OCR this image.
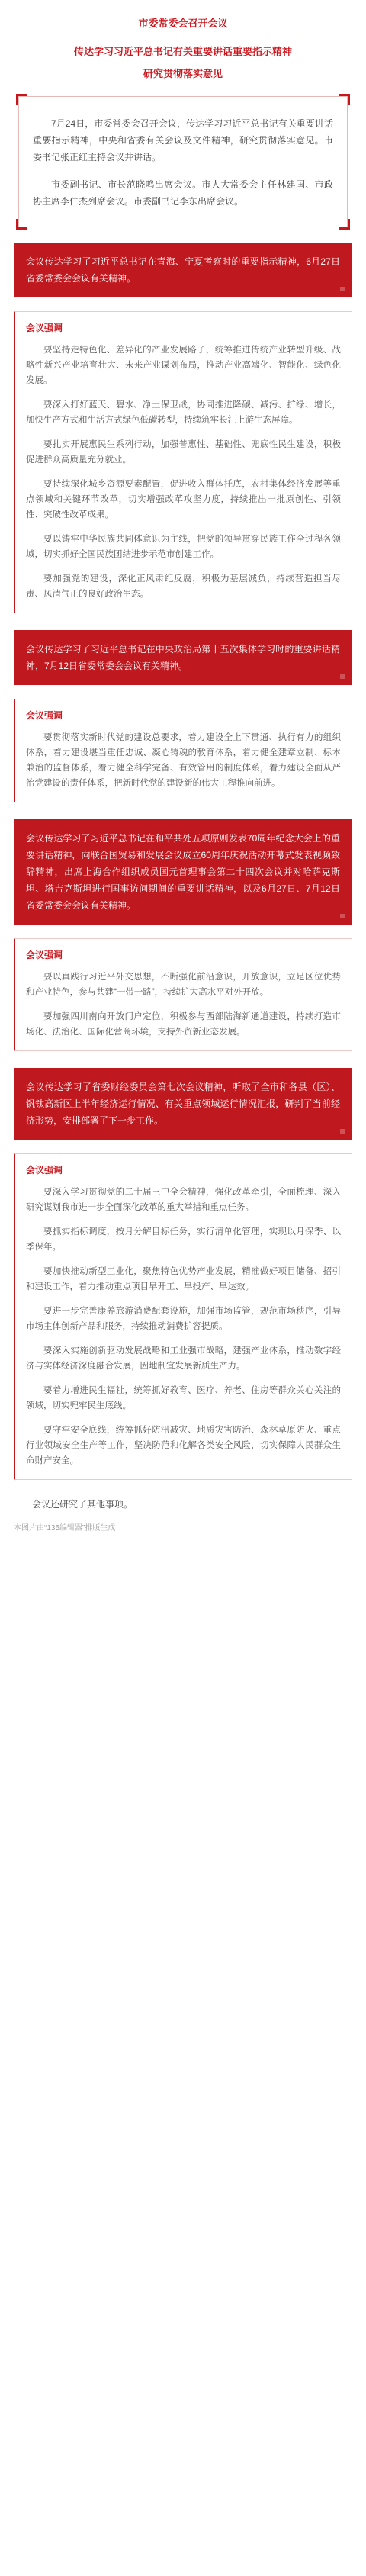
市委常委会召开会议
传达学习习近平总书记有关重要讲话重要指示精神
研究贯彻落实意见

7月24日，市委常委会召开会议，传达学习习近平总书记有关重要讲话重要指示精神，中央和省委有关会议及文件精神，研究贯彻落实意见。市委书记张正红主持会议并讲话。

市委副书记、市长范晓鸣出席会议。市人大常委会主任林建国、市政协主席李仁杰列席会议。市委副书记李东出席会议。

会议传达学习了习近平总书记在青海、宁夏考察时的重要指示精神，6月27日省委常委会会议有关精神。
会议强调

要坚持走特色化、差异化的产业发展路子，统筹推进传统产业转型升级、战略性新兴产业培育壮大、未来产业谋划布局，推动产业高端化、智能化、绿色化发展。

要深入打好蓝天、碧水、净土保卫战，协同推进降碳、减污、扩绿、增长，加快生产方式和生活方式绿色低碳转型，持续筑牢长江上游生态屏障。

要扎实开展惠民生系列行动，加强普惠性、基础性、兜底性民生建设，积极促进群众高质量充分就业。

要持续深化城乡资源要素配置，促进收入群体托底，农村集体经济发展等重点领域和关键环节改革，切实增强改革攻坚力度，持续推出一批原创性、引领性、突破性改革成果。

要以铸牢中华民族共同体意识为主线，把党的领导贯穿民族工作全过程各领域，切实抓好全国民族团结进步示范市创建工作。

要加强党的建设，深化正风肃纪反腐，积极为基层减负，持续营造担当尽责、风清气正的良好政治生态。

会议传达学习了习近平总书记在中央政治局第十五次集体学习时的重要讲话精神，7月12日省委常委会会议有关精神。
会议强调

要贯彻落实新时代党的建设总要求，着力建设全上下贯通、执行有力的组织体系，着力建设堪当重任忠诚、凝心铸魂的教育体系，着力健全建章立制、标本兼治的监督体系，着力健全科学完备、有效管用的制度体系，着力建设全面从严治党建设的责任体系，把新时代党的建设新的伟大工程推向前进。

会议传达学习了习近平总书记在和平共处五项原则发表70周年纪念大会上的重要讲话精神，向联合国贸易和发展会议成立60周年庆祝活动开幕式发表视频致辞精神，出席上海合作组织成员国元首理事会第二十四次会议并对哈萨克斯坦、塔吉克斯坦进行国事访问期间的重要讲话精神，以及6月27日、7月12日省委常委会会议有关精神。
会议强调

要以真践行习近平外交思想，不断强化前沿意识，开放意识，立足区位优势和产业特色，参与共建“一带一路”，持续扩大高水平对外开放。

要加强四川南向开放门户定位，积极参与西部陆海新通道建设，持续打造市场化、法治化、国际化营商环境，支持外贸新业态发展。

会议传达学习了省委财经委员会第七次会议精神，听取了全市和各县（区）、钒钛高新区上半年经济运行情况、有关重点领域运行情况汇报，研判了当前经济形势，安排部署了下一步工作。
会议强调

要深入学习贯彻党的二十届三中全会精神，强化改革牵引，全面梳理、深入研究谋划我市进一步全面深化改革的重大举措和重点任务。

要抓实指标调度，按月分解目标任务，实行清单化管理，实现以月保季、以季保年。

要加快推动新型工业化，聚焦特色优势产业发展，精准做好项目储备、招引和建设工作，着力推动重点项目早开工、早投产、早达效。

要进一步完善康养旅游消费配套设施，加强市场监管，规范市场秩序，引导市场主体创新产品和服务，持续推动消费扩容提质。

要深入实施创新驱动发展战略和工业强市战略，建强产业体系，推动数字经济与实体经济深度融合发展，因地制宜发展新质生产力。

要着力增进民生福祉，统筹抓好教育、医疗、养老、住房等群众关心关注的领域，切实兜牢民生底线。

要守牢安全底线，统筹抓好防汛减灾、地质灾害防治、森林草原防火、重点行业领域安全生产等工作，坚决防范和化解各类安全风险，切实保障人民群众生命财产安全。

会议还研究了其他事项。

本图片由“135编辑器”排版生成
